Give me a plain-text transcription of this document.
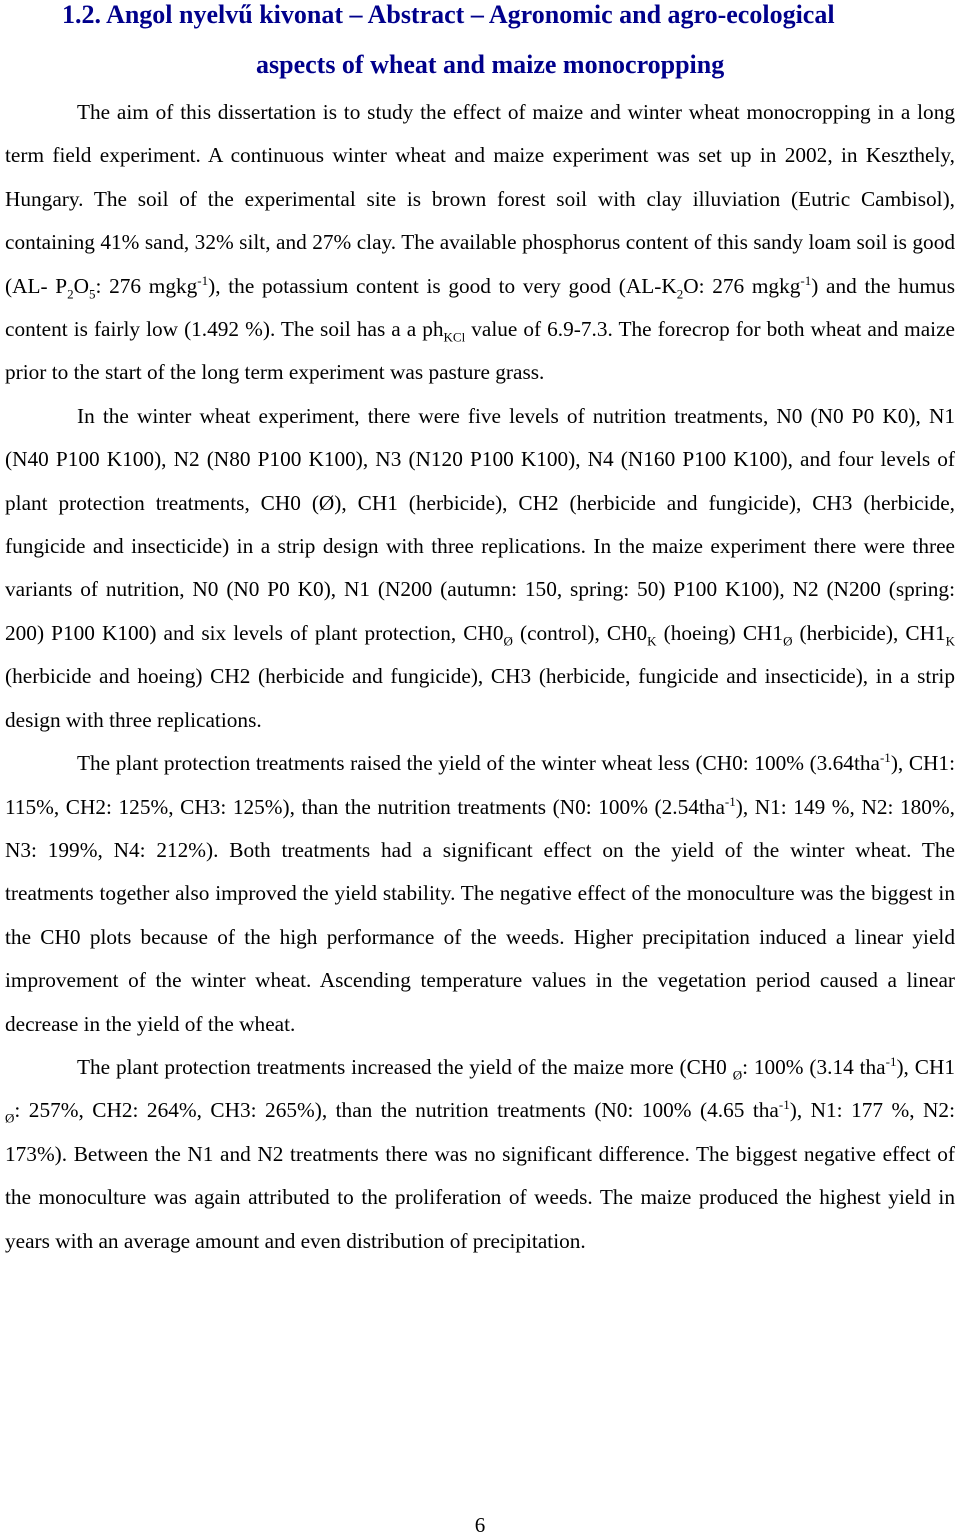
1.2. Angol nyelvű kivonat – Abstract – Agronomic and agro-ecological
aspects of wheat and maize monocropping

The aim of this dissertation is to study the effect of maize and winter wheat monocropping in a long term field experiment. A continuous winter wheat and maize experiment was set up in 2002, in Keszthely, Hungary. The soil of the experimental site is brown forest soil with clay illuviation (Eutric Cambisol), containing 41% sand, 32% silt, and 27% clay. The available phosphorus content of this sandy loam soil is good (AL- $P_2O_5$: 276 mgkg$^{-1}$), the potassium content is good to very good ($AL-K_2O$: 276 mgkg$^{-1}$) and the humus content is fairly low (1.492 %). The soil has a a $ph_{KCl}$ value of 6.9-7.3. The forecrop for both wheat and maize prior to the start of the long term experiment was pasture grass.

In the winter wheat experiment, there were five levels of nutrition treatments, N0 (N0 P0 K0), N1 (N40 P100 K100), N2 (N80 P100 K100), N3 (N120 P100 K100), N4 (N160 P100 K100), and four levels of plant protection treatments, CH0 (Ø), CH1 (herbicide), CH2 (herbicide and fungicide), CH3 (herbicide, fungicide and insecticide) in a strip design with three replications. In the maize experiment there were three variants of nutrition, N0 (N0 P0 K0), N1 (N200 (autumn: 150, spring: 50) P100 K100), N2 (N200 (spring: 200) P100 K100) and six levels of plant protection, $CH0_Ø$ (control), $CH0_K$ (hoeing) $CH1_Ø$ (herbicide), $CH1_K$ (herbicide and hoeing) CH2 (herbicide and fungicide), CH3 (herbicide, fungicide and insecticide), in a strip design with three replications.

The plant protection treatments raised the yield of the winter wheat less (CH0: 100% (3.64tha$^{-1}$), CH1: 115%, CH2: 125%, CH3: 125%), than the nutrition treatments (N0: 100% (2.54tha$^{-1}$), N1: 149 %, N2: 180%, N3: 199%, N4: 212%). Both treatments had a significant effect on the yield of the winter wheat. The treatments together also improved the yield stability. The negative effect of the monoculture was the biggest in the CH0 plots because of the high performance of the weeds. Higher precipitation induced a linear yield improvement of the winter wheat. Ascending temperature values in the vegetation period caused a linear decrease in the yield of the wheat.

The plant protection treatments increased the yield of the maize more (CH0 $_Ø$: 100% (3.14 tha$^{-1}$), CH1 $_Ø$: 257%, CH2: 264%, CH3: 265%), than the nutrition treatments (N0: 100% (4.65 tha$^{-1}$), N1: 177 %, N2: 173%). Between the N1 and N2 treatments there was no significant difference. The biggest negative effect of the monoculture was again attributed to the proliferation of weeds. The maize produced the highest yield in years with an average amount and even distribution of precipitation.

6
